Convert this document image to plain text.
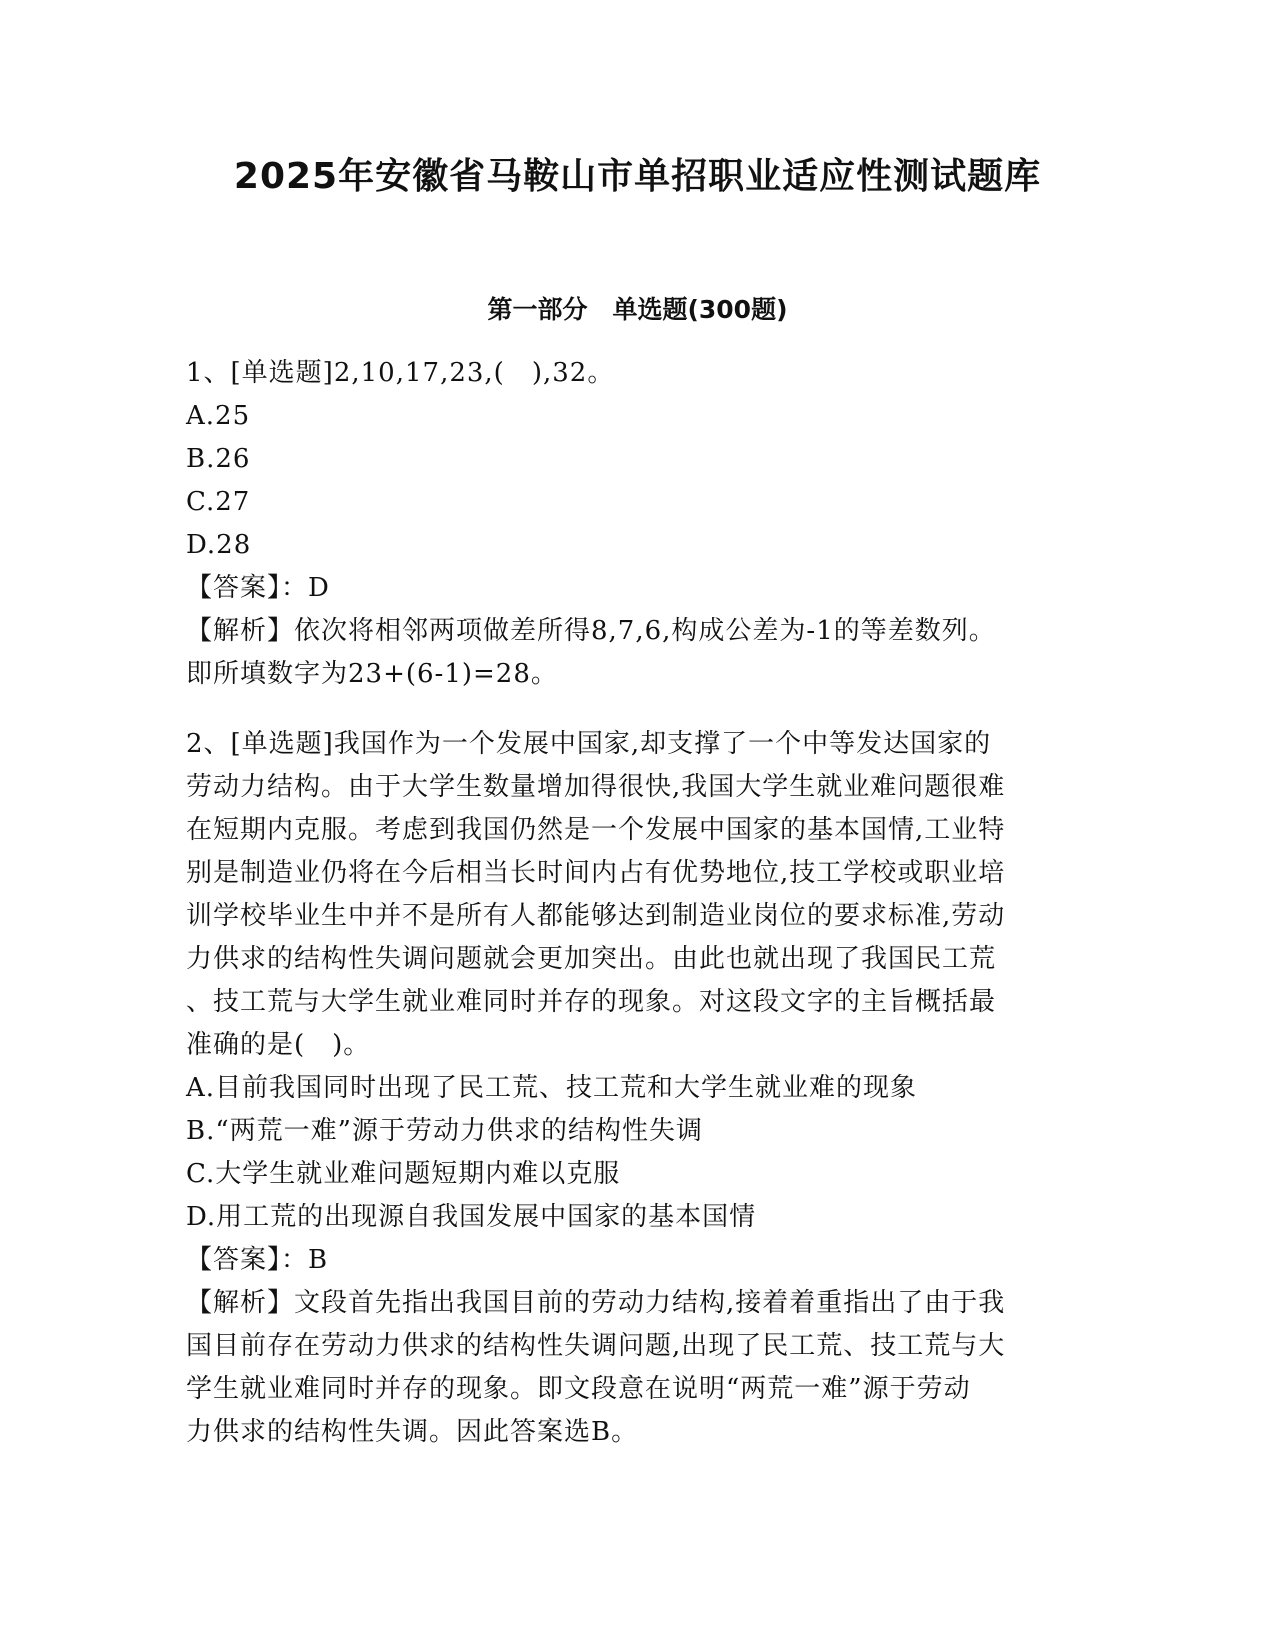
2025年安徽省马鞍山市单招职业适应性测试题库
第一部分　单选题(300题)
1、[单选题]2,10,17,23,(　),32。
A.25
B.26
C.27
D.28
【答案】：D
【解析】依次将相邻两项做差所得8,7,6,构成公差为-1的等差数列。
即所填数字为23+(6-1)=28。
2、[单选题]我国作为一个发展中国家,却支撑了一个中等发达国家的
劳动力结构。由于大学生数量增加得很快,我国大学生就业难问题很难
在短期内克服。考虑到我国仍然是一个发展中国家的基本国情,工业特
别是制造业仍将在今后相当长时间内占有优势地位,技工学校或职业培
训学校毕业生中并不是所有人都能够达到制造业岗位的要求标准,劳动
力供求的结构性失调问题就会更加突出。由此也就出现了我国民工荒
、技工荒与大学生就业难同时并存的现象。对这段文字的主旨概括最
准确的是(　)。
A.目前我国同时出现了民工荒、技工荒和大学生就业难的现象
B.“两荒一难”源于劳动力供求的结构性失调
C.大学生就业难问题短期内难以克服
D.用工荒的出现源自我国发展中国家的基本国情
【答案】：B
【解析】文段首先指出我国目前的劳动力结构,接着着重指出了由于我
国目前存在劳动力供求的结构性失调问题,出现了民工荒、技工荒与大
学生就业难同时并存的现象。即文段意在说明“两荒一难”源于劳动
力供求的结构性失调。因此答案选B。
